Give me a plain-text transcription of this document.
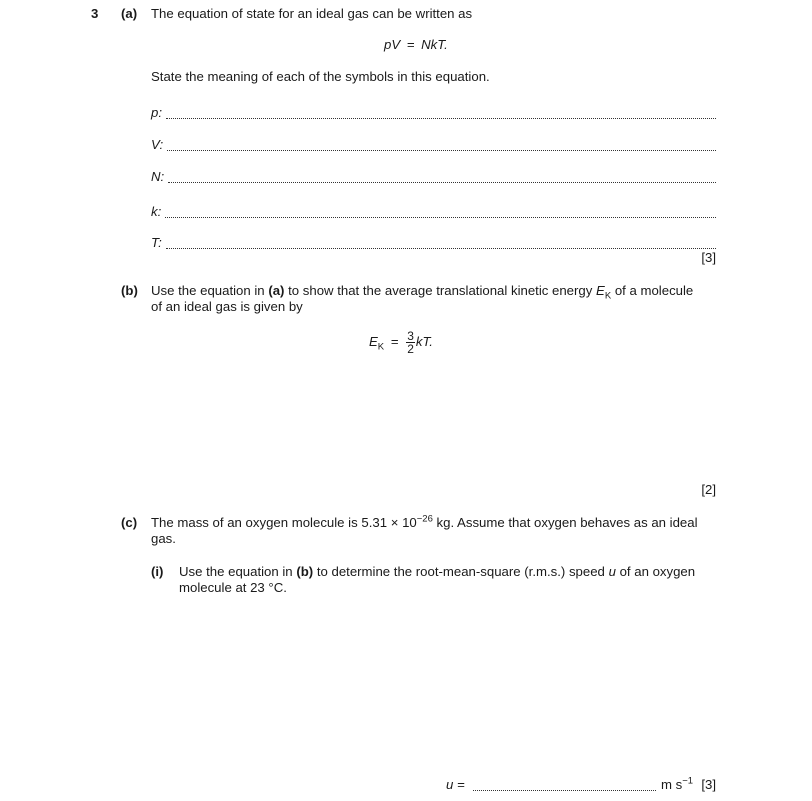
3 (a) The equation of state for an ideal gas can be written as
pV = NkT.
State the meaning of each of the symbols in this equation.
p:
V:
N:
k:
T:
[3]
(b) Use the equation in (a) to show that the average translational kinetic energy $E_K$ of a molecule
of an ideal gas is given by
$E_K = \frac{3}{2}$ kT.
[2]
(c) The mass of an oxygen molecule is $5.31 \times 10^{-26}$ kg. Assume that oxygen behaves as an ideal
gas.
(i) Use the equation in (b) to determine the root-mean-square (r.m.s.) speed u of an oxygen
molecule at 23 °C.
u =	m $s^{-1}$ [3]
